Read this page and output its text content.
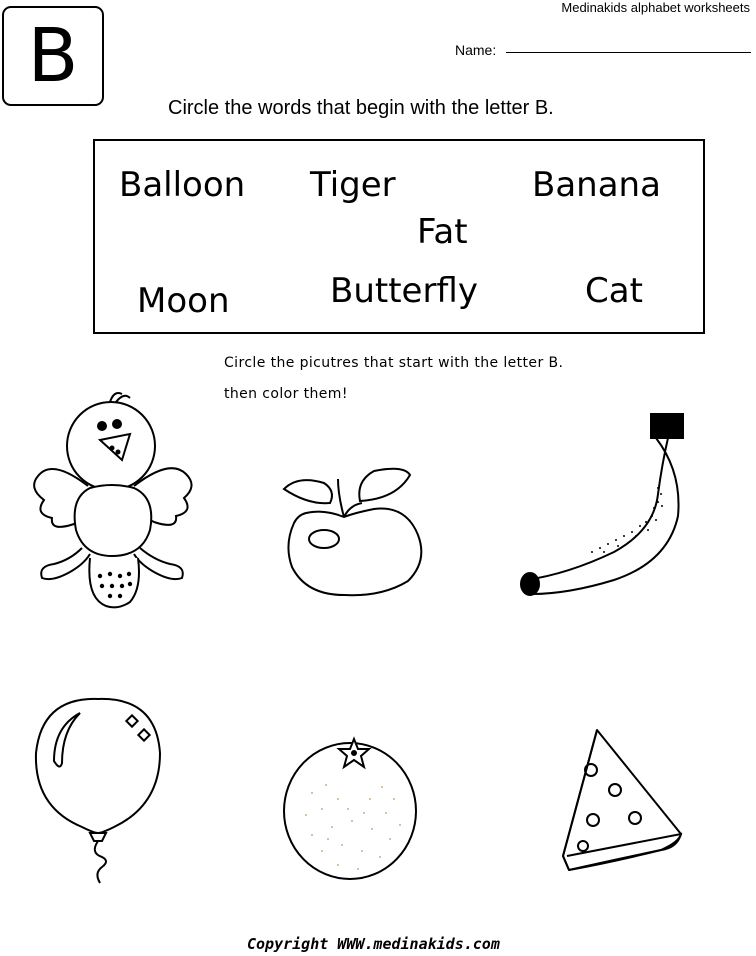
Medinakids alphabet worksheets
B	Name:
Circle the words that begin with the letter B.
Balloon Tiger	Banana
Fat
Moon	Butterfly	Cat
Circle the picutres that start with the letter B.
then color them!
Copyright WWW.medinakids.com
